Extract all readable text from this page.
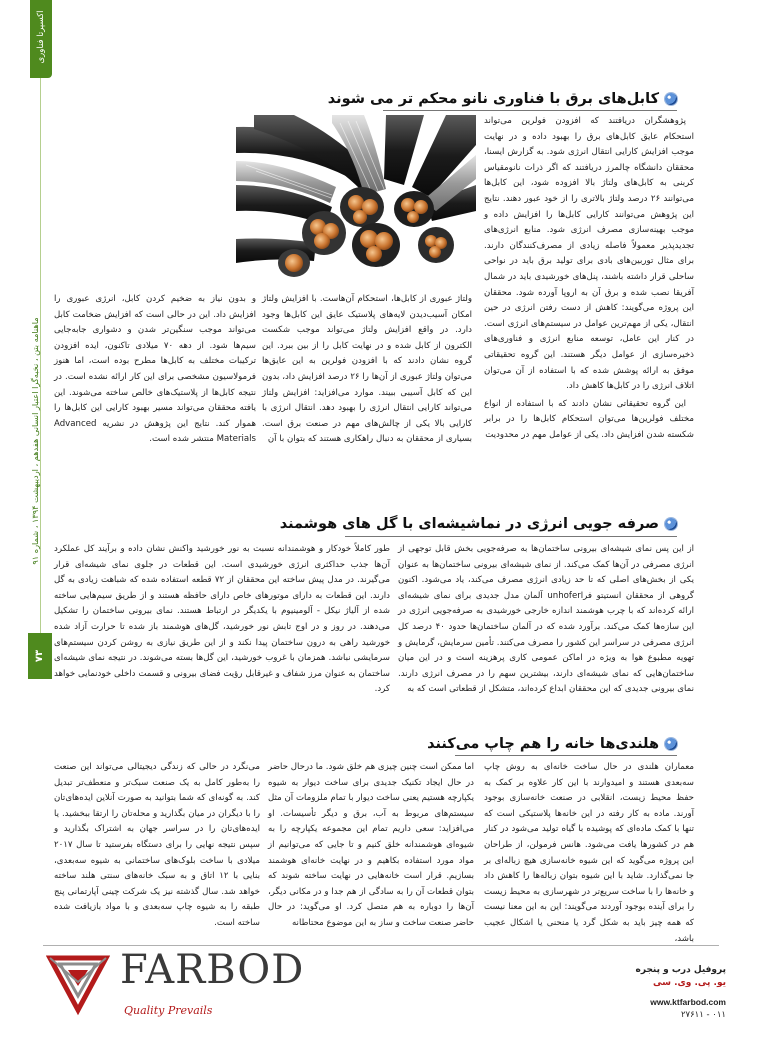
اکسپرتا فناوری
ماهنامه بتن ، نخبه‌گرا اعتبار انسانی هفدهم ، اردیبهشت ۱۳۹۴ ، شماره ۹۱
۷۳
کابل‌های برق با فناوری نانو محکم تر می شوند

پژوهشگران دریافتند که افزودن فولرین می‌تواند استحکام عایق کابل‌های برق را بهبود داده و در نهایت موجب افزایش کارایی انتقال انرژی شود. به گزارش ایسنا، محققان دانشگاه چالمرز دریافتند که اگر ذرات نانومقیاس کربنی به کابل‌های ولتاژ بالا افزوده شود، این کابل‌ها می‌توانند ۲۶ درصد ولتاژ بالاتری را از خود عبور دهند. نتایج این پژوهش می‌توانند کارایی کابل‌ها را افزایش داده و موجب بهینه‌سازی مصرف انرژی شود. منابع انرژی‌های تجدیدپذیر معمولاً فاصله زیادی از مصرف‌کنندگان دارند. برای مثال توربین‌های بادی برای تولید برق باید در نواحی ساحلی قرار داشته باشند، پنل‌های خورشیدی باید در شمال آفریقا نصب شده و برق آن به اروپا آورده شود. محققان این پروژه می‌گویند: کاهش از دست رفتن انرژی در حین انتقال، یکی از مهم‌ترین عوامل در سیستم‌های انرژی است. در کنار این عامل، توسعه منابع انرژی و فناوری‌های ذخیره‌سازی از عوامل دیگر هستند. این گروه تحقیقاتی موفق به ارائه پوشش شده که با استفاده از آن می‌توان اتلاف انرژی را در کابل‌ها کاهش داد.

این گروه تحقیقاتی نشان دادند که با استفاده از انواع مختلف فولرین‌ها می‌توان استحکام کابل‌ها را در برابر شکسته شدن افزایش داد. یکی از عوامل مهم در محدودیت

ولتاژ عبوری از کابل‌ها، استحکام آن‌هاست. با افزایش ولتاژ امکان آسیب‌دیدن لایه‌های پلاستیک عایق این کابل‌ها وجود دارد. در واقع افزایش ولتاژ می‌تواند موجب شکست الکترون از کابل شده و در نهایت کابل را از بین ببرد. این گروه نشان دادند که با افزودن فولرین به این عایق‌ها می‌توان ولتاژ عبوری از آن‌ها را ۲۶ درصد افزایش داد، بدون این که کابل آسیبی ببیند. موارد می‌افزاید: افزایش ولتاژ می‌تواند کارایی انتقال انرژی را بهبود دهد. انتقال انرژی با کارایی بالا یکی از چالش‌های مهم در صنعت برق است. بسیاری از محققان به دنبال راهکاری هستند که بتوان با آن
و بدون نیاز به ضخیم کردن کابل، انرژی عبوری را افزایش داد. این در حالی است که افزایش ضخامت کابل می‌تواند موجب سنگین‌تر شدن و دشواری جابه‌جایی سیم‌ها شود. از دهه ۷۰ میلادی تاکنون، ایده افزودن ترکیبات مختلف به کابل‌ها مطرح بوده است، اما هنوز فرمولاسیون مشخصی برای این کار ارائه نشده است. در نتیجه کابل‌ها از پلاستیک‌های خالص ساخته می‌شوند. این یافته محققان می‌تواند مسیر بهبود کارایی این کابل‌ها را هموار کند. نتایج این پژوهش در نشریه Advanced Materials منتشر شده است.
صرفه جویی انرژی در نماشیشه‌ای با گل های هوشمند
از این پس نمای شیشه‌ای بیرونی ساختمان‌ها به صرفه‌جویی بخش قابل توجهی از انرژی مصرفی در آن‌ها کمک می‌کند. از نمای شیشه‌ای بیرونی ساختمان‌ها به عنوان یکی از بخش‌های اصلی که تا حد زیادی انرژی مصرف می‌کند، یاد می‌شود. اکنون گروهی از محققان انستیتو فراunhofer آلمان مدل جدیدی برای نمای شیشه‌ای ارائه کرده‌اند که با چرب هوشمند اندازه خارجی خورشیدی به صرفه‌جویی انرژی در این سازه‌ها کمک می‌کند. برآورد شده که در آلمان ساختمان‌ها حدود ۴۰ درصد کل انرژی مصرفی در سراسر این کشور را مصرف می‌کنند. تأمین سرمایش، گرمایش و تهویه مطبوع هوا به ویژه در اماکن عمومی کاری پرهزینه است و در این میان ساختمان‌هایی که نمای شیشه‌ای دارند، بیشترین سهم را در مصرف انرژی دارند. نمای بیرونی جدیدی که این محققان ابداع کرده‌اند، متشکل از قطعاتی است که به
طور کاملاً خودکار و هوشمندانه نسبت به نور خورشید واکنش نشان داده و برآیند کل عملکرد آن‌ها جذب حداکثری انرژی خورشیدی است. این قطعات در جلوی نمای شیشه‌ای قرار می‌گیرند. در مدل پیش ساخته این محققان از ۷۲ قطعه استفاده شده که شباهت زیادی به گل دارند. این قطعات به دارای موتورهای خاص دارای حافظه هستند و از طریق سیم‌هایی ساخته شده از آلیاژ نیکل - آلومینیوم با یکدیگر در ارتباط هستند. نمای بیرونی ساختمان را تشکیل می‌دهند. در روز و در اوج تابش نور خورشید، گل‌های هوشمند باز شده تا حرارت آزاد شده خورشید راهی به درون ساختمان پیدا نکند و از این طریق نیازی به روشن کردن سیستم‌های سرمایشی نباشد. همزمان با غروب خورشید، این گل‌ها بسته می‌شوند. در نتیجه نمای شیشه‌ای ساختمان به عنوان مرز شفاف و غیرقابل رؤیت فضای بیرونی و قسمت داخلی خودنمایی خواهد کرد.
هلندی‌ها خانه را هم چاپ می‌کنند
معماران هلندی در حال ساخت خانه‌ای به روش چاپ سه‌بعدی هستند و امیدوارند با این کار علاوه بر کمک به حفظ محیط زیست، انقلابی در صنعت خانه‌سازی بوجود آورند. ماده به کار رفته در این خانه‌ها پلاستیکی است که تنها با کمک ماده‌ای که پوشیده با گیاه تولید می‌شود در کنار هم در کشورها یافت می‌شود. هانس فرمولن، از طراحان این پروژه می‌گوید که این شیوه خانه‌سازی هیچ زباله‌ای بر جا نمی‌گذارد. شاید با این شیوه بتوان زباله‌ها را کاهش داد و خانه‌ها را با ساخت سریع‌تر در شهرسازی به محیط زیست را برای آینده بوجود آوردند می‌گویند: این به این معنا نیست که همه چیز باید به شکل گرد یا منحنی یا اشکال عجیب باشد،
اما ممکن است چنین چیزی هم خلق شود. ما درحال حاضر در حال ایجاد تکنیک جدیدی برای ساخت دیوار به شیوه یکپارچه هستیم یعنی ساخت دیوار با تمام ملزومات آن مثل سیستم‌های مربوط به آب، برق و دیگر تأسیسات. او می‌افزاید: سعی داریم تمام این مجموعه یکپارچه را به شیوه‌ای هوشمندانه خلق کنیم و تا جایی که می‌توانیم از مواد مورد استفاده بکاهیم و در نهایت خانه‌ای هوشمند بسازیم. قرار است خانه‌هایی در نهایت ساخته شوند که بتوان قطعات آن را به سادگی از هم جدا و در مکانی دیگر، آن‌ها را دوباره به هم متصل کرد. او می‌گوید: در حال حاضر صنعت ساخت و ساز به این موضوع محتاطانه
می‌نگرد در حالی که زندگی دیجیتالی می‌تواند این صنعت را به‌طور کامل به یک صنعت سبک‌تر و منعطف‌تر تبدیل کند. به گونه‌ای که شما بتوانید به صورت آنلاین ایده‌های‌تان را با دیگران در میان بگذارید و محله‌تان را ارتقا ببخشید. یا ایده‌های‌تان را در سراسر جهان به اشتراک بگذارید و سپس نتیجه نهایی را برای دستگاه بفرستید تا سال ۲۰۱۷ میلادی با ساخت بلوک‌های ساختمانی به شیوه سه‌بعدی، بنایی با ۱۲ اتاق و به سبک خانه‌های سنتی هلند ساخته خواهد شد. سال گذشته نیز یک شرکت چینی آپارتمانی پنج طبقه را به شیوه چاپ سه‌بعدی و با مواد بازیافت شده ساخته است.
FARBOD
Quality Prevails
پروفیل درب و پنجره
یو. پی. وی. سی
www.ktfarbod.com
۰۱۱ - ۲۷۶۱۱
